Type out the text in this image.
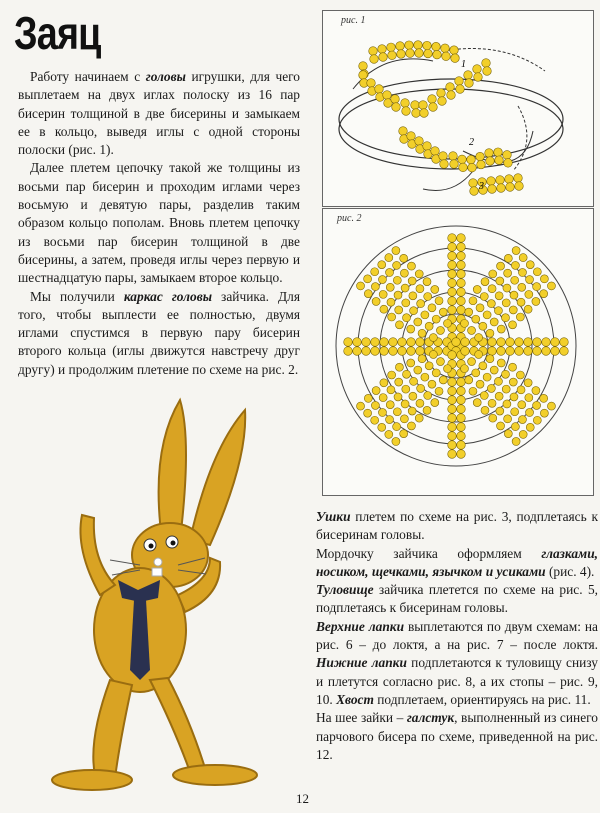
Заяц

Работу начинаем с головы игрушки, для чего выплетаем на двух иглах полоску из 16 пар бисерин толщиной в две бисерины и замыкаем ее в кольцо, выведя иглы с одной стороны полоски (рис. 1).

Далее плетем цепочку такой же толщины из восьми пар бисерин и проходим иглами через восьмую и девятую пары, разделив таким образом кольцо пополам. Вновь плетем цепочку из восьми пар бисерин толщиной в две бисерины, а затем, проведя иглы через первую и шестнадцатую пары, замыкаем второе кольцо.

Мы получили каркас головы зайчика. Для того, чтобы выплести ее полностью, двумя иглами спустимся в первую пару бисерин второго кольца (иглы движутся навстречу друг другу) и продолжим плетение по схеме на рис. 2.

рис. 1
1
2
3
рис. 2

Ушки плетем по схеме на рис. 3, подплетаясь к бисеринам головы.

Мордочку зайчика оформляем глазками, носиком, щечками, язычком и усиками (рис. 4).

Туловище зайчика плетется по схеме на рис. 5, подплетаясь к бисеринам головы.

Верхние лапки выплетаются по двум схемам: на рис. 6 – до локтя, а на рис. 7 – после локтя. Нижние лапки подплетаются к туловищу снизу и плетутся согласно рис. 8, а их стопы – рис. 9, 10. Хвост подплетаем, ориентируясь на рис. 11.

На шее зайки – галстук, выполненный из синего парчового бисера по схеме, приведенной на рис. 12.

12
